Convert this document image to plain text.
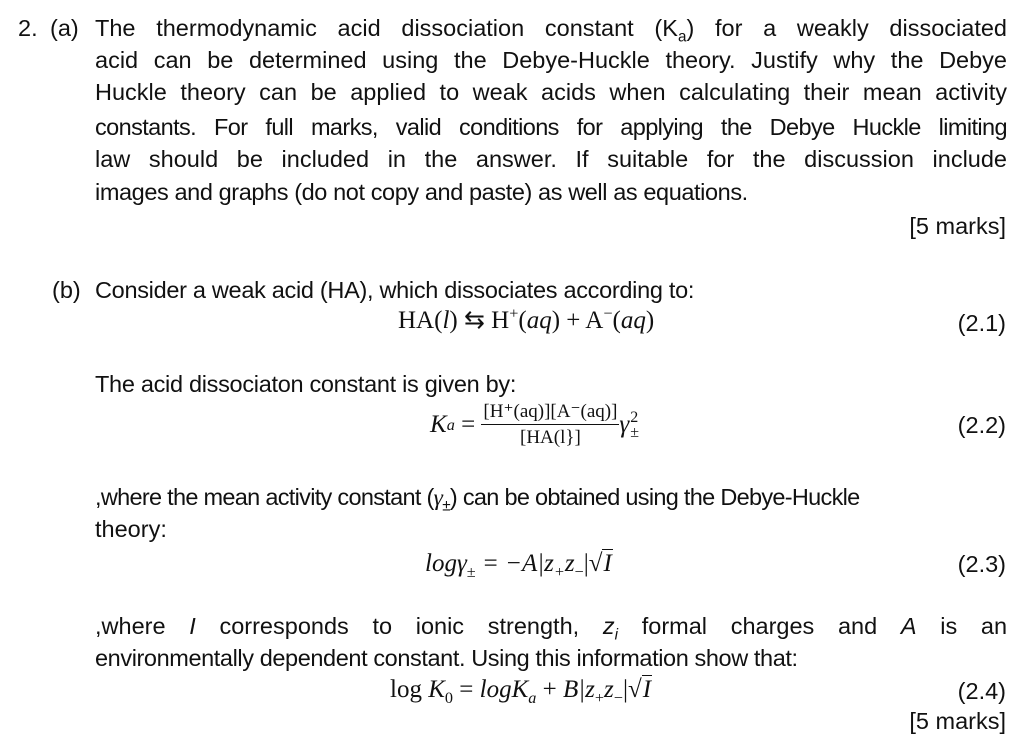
2. (a) The thermodynamic acid dissociation constant $(K_a)$ for a weakly dissociated
acid can be determined using the Debye-Huckle theory. Justify why the Debye
Huckle theory can be applied to weak acids when calculating their mean activity
constants. For full marks, valid conditions for applying the Debye Huckle limiting
law should be included in the answer. If suitable for the discussion include
images and graphs (do not copy and paste) as well as equations.
[5 marks]
(b) Consider a weak acid (HA), which dissociates according to:
HA(l) ⇆ H+(aq) + A−(aq)	(2.1)
The acid dissociaton constant is given by:
K $a = \frac{[H^+(aq)][A^-(aq)]}{[HA(l\}]}$ γ 2
±	(2.2)
,where the mean activity constant $(\gamma_\pm)$ can be obtained using the Debye-Huckle
theory:
$\log\gamma_\pm = -A|z_+z_-|√I$	(2.3)
,where I corresponds to ionic strength, $z_i$ formal charges and A is an
environmentally dependent constant. Using this information show that:
$\log K_0 = \log K_a + B|z_+z_-|√I$	(2.4)
[5 marks]
